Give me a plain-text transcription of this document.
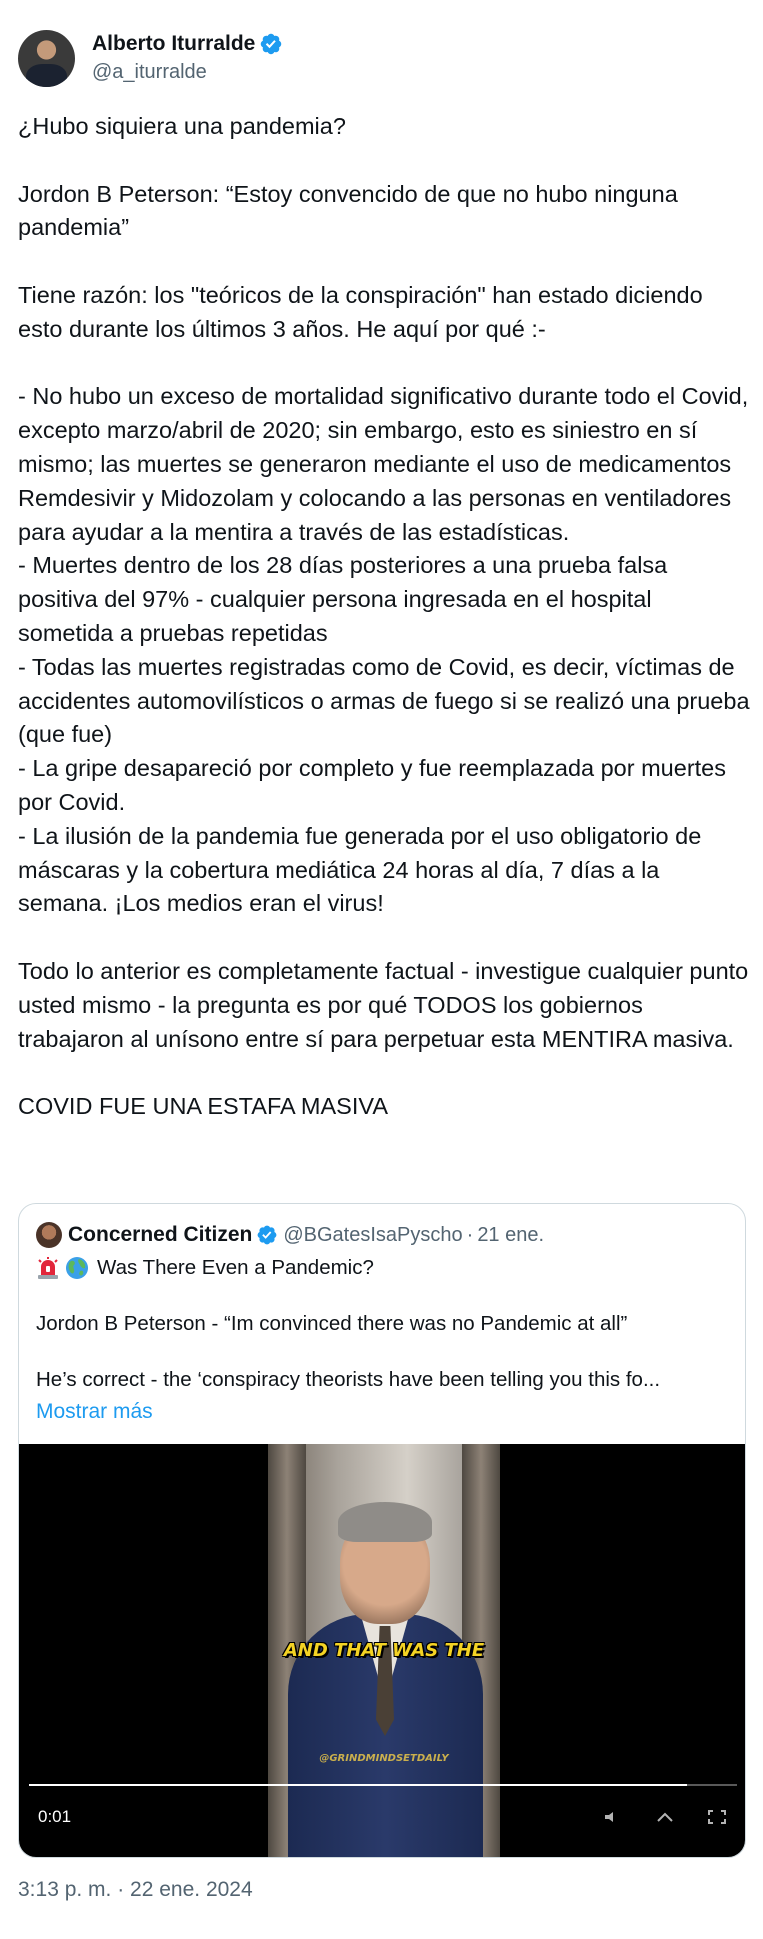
Alberto Iturralde
@a_iturralde
¿Hubo siquiera una pandemia?

Jordon B Peterson: “Estoy convencido de que no hubo ninguna pandemia”

Tiene razón: los "teóricos de la conspiración" han estado diciendo esto durante los últimos 3 años. He aquí por qué :-

- No hubo un exceso de mortalidad significativo durante todo el Covid, excepto marzo/abril de 2020; sin embargo, esto es siniestro en sí mismo; las muertes se generaron mediante el uso de medicamentos Remdesivir y Midozolam y colocando a las personas en ventiladores para ayudar a la mentira a través de las estadísticas.
- Muertes dentro de los 28 días posteriores a una prueba falsa positiva del 97% - cualquier persona ingresada en el hospital sometida a pruebas repetidas
- Todas las muertes registradas como de Covid, es decir, víctimas de accidentes automovilísticos o armas de fuego si se realizó una prueba (que fue)
- La gripe desapareció por completo y fue reemplazada por muertes por Covid.
- La ilusión de la pandemia fue generada por el uso obligatorio de máscaras y la cobertura mediática 24 horas al día, 7 días a la semana. ¡Los medios eran el virus!

Todo lo anterior es completamente factual - investigue cualquier punto usted mismo - la pregunta es por qué TODOS los gobiernos trabajaron al unísono entre sí para perpetuar esta MENTIRA masiva.

COVID FUE UNA ESTAFA MASIVA
Concerned Citizen @BGatesIsaPyscho · 21 ene.
Was There Even a Pandemic?
Jordon B Peterson - “Im convinced there was no Pandemic at all”
He’s correct - the ‘conspiracy theorists have been telling you this fo...
Mostrar más
AND THAT WAS THE
@GRINDMINDSETDAILY
0:01
3:13 p. m. · 22 ene. 2024
